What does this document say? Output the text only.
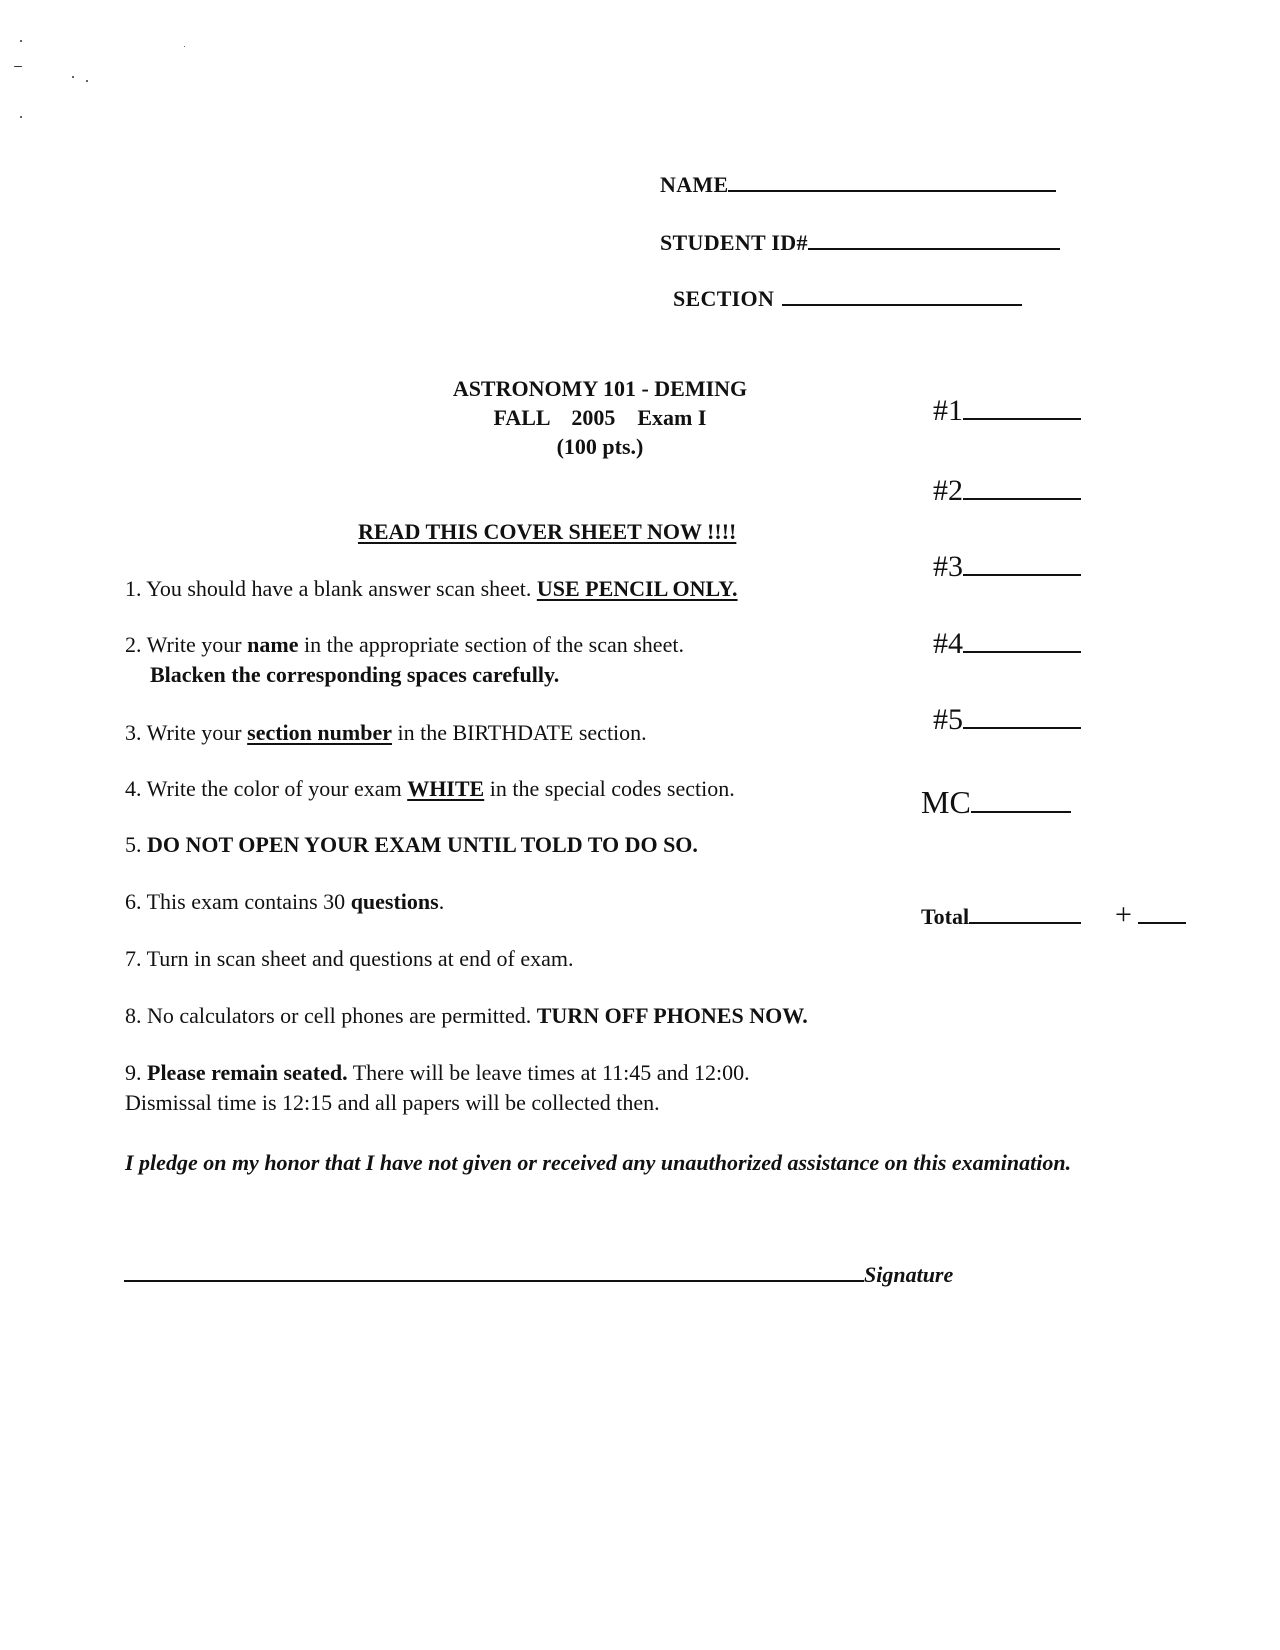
NAME
STUDENT ID#
SECTION
ASTRONOMY 101 - DEMING
FALL    2005    Exam I
(100 pts.)
READ THIS COVER SHEET NOW !!!!
1. You should have a blank answer scan sheet. USE PENCIL ONLY.
2. Write your name in the appropriate section of the scan sheet.
Blacken the corresponding spaces carefully.
3. Write your section number in the BIRTHDATE section.
4. Write the color of your exam WHITE in the special codes section.
5. DO NOT OPEN YOUR EXAM UNTIL TOLD TO DO SO.
6. This exam contains 30 questions.
7. Turn in scan sheet and questions at end of exam.
8. No calculators or cell phones are permitted. TURN OFF PHONES NOW.
9. Please remain seated. There will be leave times at 11:45 and 12:00.
Dismissal time is 12:15 and all papers will be collected then.
#1
#2
#3
#4
#5
MC
Total	+
I pledge on my honor that I have not given or received any unauthorized assistance on this examination.
Signature
